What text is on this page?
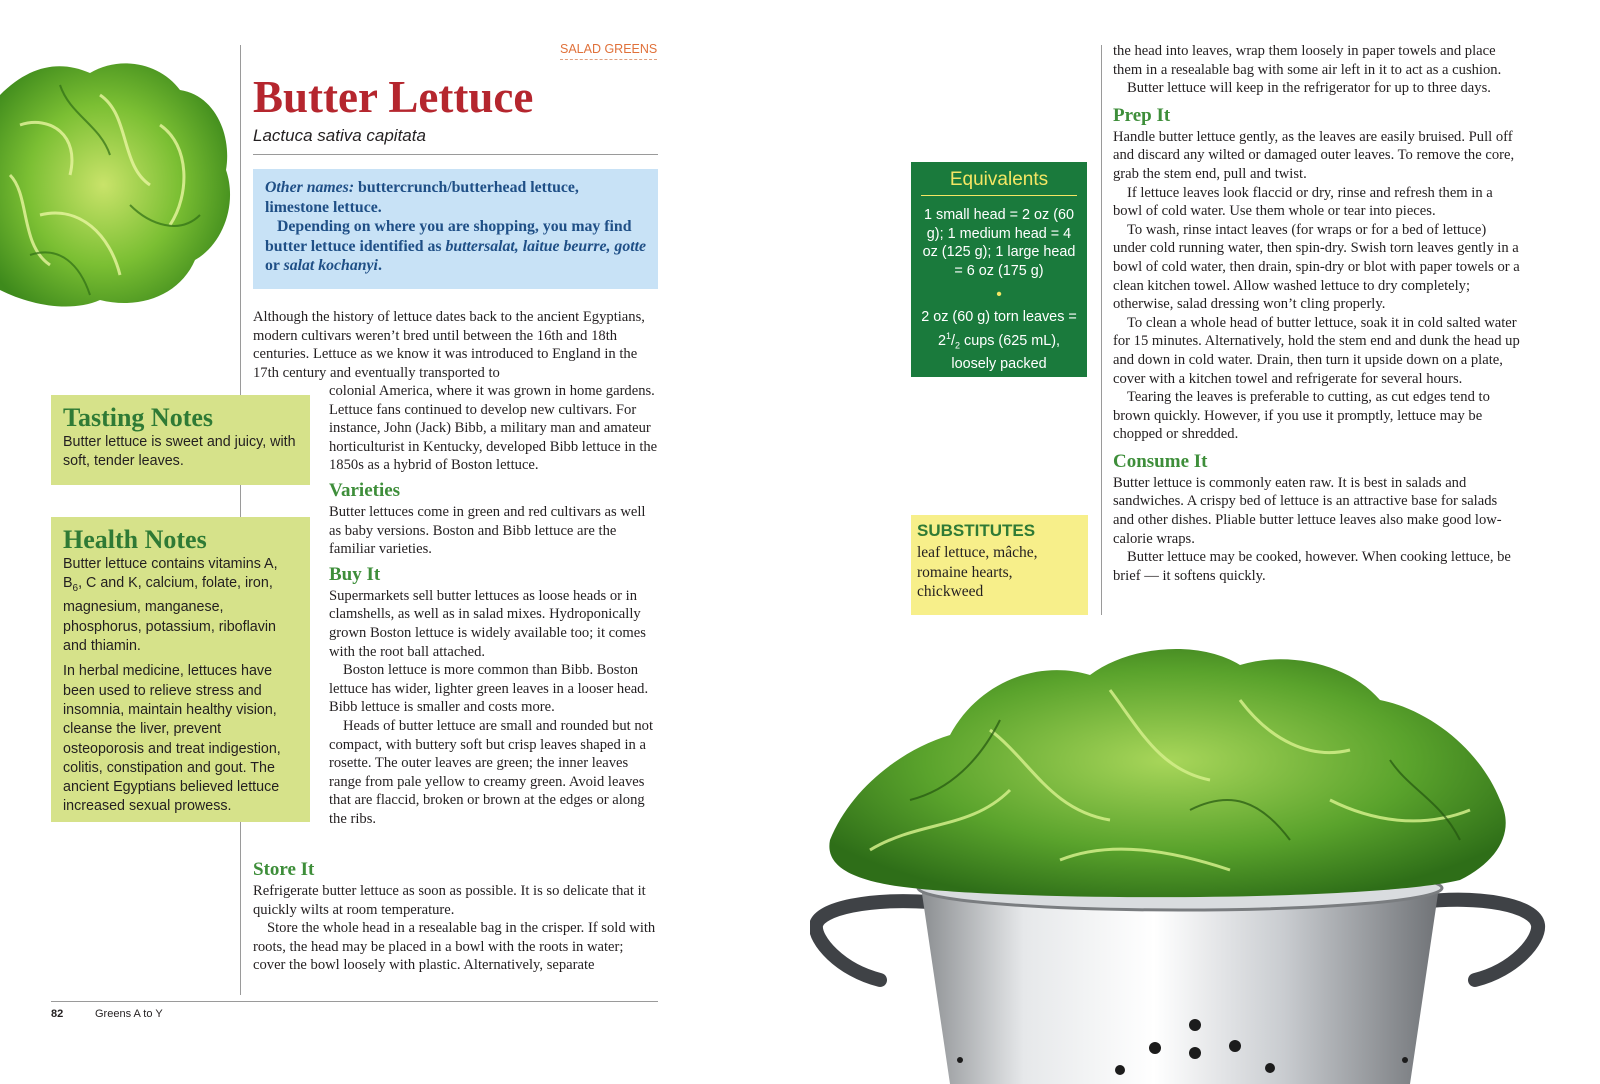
SALAD GREENS
Butter Lettuce
Lactuca sativa capitata
Other names: buttercrunch/butterhead lettuce, limestone lettuce.
Depending on where you are shopping, you may find butter lettuce identified as buttersalat, laitue beurre, gotte or salat kochanyi.

Although the history of lettuce dates back to the ancient Egyptians, modern cultivars weren’t bred until between the 16th and 18th centuries. Lettuce as we know it was introduced to England in the 17th century and eventually transported to

colonial America, where it was grown in home gardens. Lettuce fans continued to develop new cultivars. For instance, John (Jack) Bibb, a military man and amateur horticulturist in Kentucky, developed Bibb lettuce in the 1850s as a hybrid of Boston lettuce.

Varieties

Butter lettuces come in green and red cultivars as well as baby versions. Boston and Bibb lettuce are the familiar varieties.

Buy It

Supermarkets sell butter lettuces as loose heads or in clamshells, as well as in salad mixes. Hydroponically grown Boston lettuce is widely available too; it comes with the root ball attached.

Boston lettuce is more common than Bibb. Boston lettuce has wider, lighter green leaves in a looser head. Bibb lettuce is smaller and costs more.

Heads of butter lettuce are small and rounded but not compact, with buttery soft but crisp leaves shaped in a rosette. The outer leaves are green; the inner leaves range from pale yellow to creamy green. Avoid leaves that are flaccid, broken or brown at the edges or along the ribs.

Store It

Refrigerate butter lettuce as soon as possible. It is so delicate that it quickly wilts at room temperature.

Store the whole head in a resealable bag in the crisper. If sold with roots, the head may be placed in a bowl with the roots in water; cover the bowl loosely with plastic. Alternatively, separate

Tasting Notes
Butter lettuce is sweet and juicy, with soft, tender leaves.
Health Notes
Butter lettuce contains vitamins A, $B_6$, C and K, calcium, folate, iron, magnesium, manganese, phosphorus, potassium, riboflavin and thiamin.
In herbal medicine, lettuces have been used to relieve stress and insomnia, maintain healthy vision, cleanse the liver, prevent osteoporosis and treat indigestion, colitis, constipation and gout. The ancient Egyptians believed lettuce increased sexual prowess.
82	Greens A to Y
Equivalents
1 small head = 2 oz (60 g); 1 medium head = 4 oz (125 g); 1 large head = 6 oz (175 g)
•
2 oz (60 g) torn leaves = $2^1/_2$ cups (625 mL), loosely packed
SUBSTITUTES
leaf lettuce, mâche, romaine hearts, chickweed

the head into leaves, wrap them loosely in paper towels and place them in a resealable bag with some air left in it to act as a cushion.

Butter lettuce will keep in the refrigerator for up to three days.

Prep It

Handle butter lettuce gently, as the leaves are easily bruised. Pull off and discard any wilted or damaged outer leaves. To remove the core, grab the stem end, pull and twist.

If lettuce leaves look flaccid or dry, rinse and refresh them in a bowl of cold water. Use them whole or tear into pieces.

To wash, rinse intact leaves (for wraps or for a bed of lettuce) under cold running water, then spin-dry. Swish torn leaves gently in a bowl of cold water, then drain, spin-dry or blot with paper towels or a clean kitchen towel. Allow washed lettuce to dry completely; otherwise, salad dressing won’t cling properly.

To clean a whole head of butter lettuce, soak it in cold salted water for 15 minutes. Alternatively, hold the stem end and dunk the head up and down in cold water. Drain, then turn it upside down on a plate, cover with a kitchen towel and refrigerate for several hours.

Tearing the leaves is preferable to cutting, as cut edges tend to brown quickly. However, if you use it promptly, lettuce may be chopped or shredded.

Consume It

Butter lettuce is commonly eaten raw. It is best in salads and sandwiches. A crispy bed of lettuce is an attractive base for salads and other dishes. Pliable butter lettuce leaves also make good low-calorie wraps.

Butter lettuce may be cooked, however. When cooking lettuce, be brief — it softens quickly.
